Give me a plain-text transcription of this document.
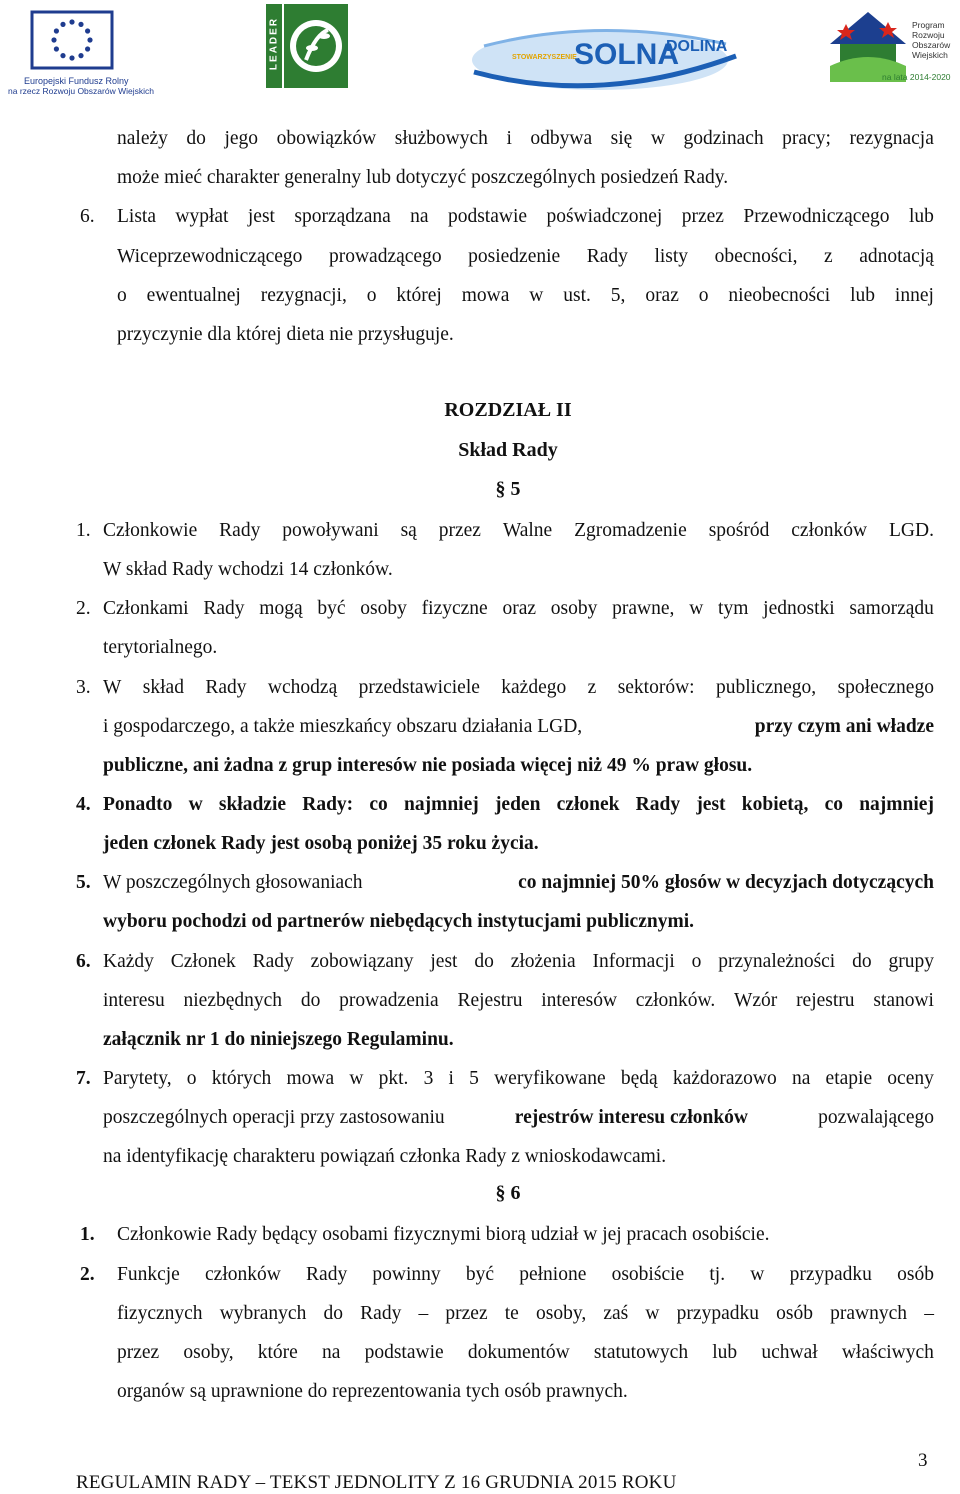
Europejski Fundusz Rolny
na rzecz Rozwoju Obszarów Wiejskich
LEADER	STOWARZYSZENIE
SOLNA
DOLINA
Program
Rozwoju
Obszarów
Wiejskich
na lata 2014-2020
należy do jego obowiązków służbowych i odbywa się w godzinach pracy; rezygnacja
może mieć charakter generalny lub dotyczyć poszczególnych posiedzeń Rady.
6. Lista wypłat jest sporządzana na podstawie poświadczonej przez Przewodniczącego lub
Wiceprzewodniczącego prowadzącego posiedzenie Rady listy obecności, z adnotacją
o ewentualnej rezygnacji, o której mowa w ust. 5, oraz o nieobecności lub innej
przyczynie dla której dieta nie przysługuje.
ROZDZIAŁ II
Skład Rady
§ 5
1. Członkowie Rady powoływani są przez Walne Zgromadzenie spośród członków LGD.
W skład Rady wchodzi 14 członków.
2. Członkami Rady mogą być osoby fizyczne oraz osoby prawne, w tym jednostki samorządu
terytorialnego.
3. W skład Rady wchodzą przedstawiciele każdego z sektorów: publicznego, społecznego
i gospodarczego, a także mieszkańcy obszaru działania LGD,	przy czym ani władze
publiczne, ani żadna z grup interesów nie posiada więcej niż 49 % praw głosu.
4. Ponadto w składzie Rady: co najmniej jeden członek Rady jest kobietą, co najmniej
jeden członek Rady jest osobą poniżej 35 roku życia.
5. W poszczególnych głosowaniach	co najmniej 50% głosów w decyzjach dotyczących
wyboru pochodzi od partnerów niebędących instytucjami publicznymi.
6. Każdy Członek Rady zobowiązany jest do złożenia Informacji o przynależności do grupy
interesu niezbędnych do prowadzenia Rejestru interesów członków. Wzór rejestru stanowi
załącznik nr 1 do niniejszego Regulaminu.
7. Parytety, o których mowa w pkt. 3 i 5 weryfikowane będą każdorazowo na etapie oceny
poszczególnych operacji przy zastosowaniu	rejestrów interesu członków	pozwalającego
na identyfikację charakteru powiązań członka Rady z wnioskodawcami.
§ 6
1. Członkowie Rady będący osobami fizycznymi biorą udział w jej pracach osobiście.
2. Funkcje członków Rady powinny być pełnione osobiście tj. w przypadku osób
fizycznych wybranych do Rady – przez te osoby, zaś w przypadku osób prawnych –
przez osoby, które na podstawie dokumentów statutowych lub uchwał właściwych
organów są uprawnione do reprezentowania tych osób prawnych.
3
REGULAMIN RADY – TEKST JEDNOLITY Z 16 GRUDNIA 2015 ROKU
